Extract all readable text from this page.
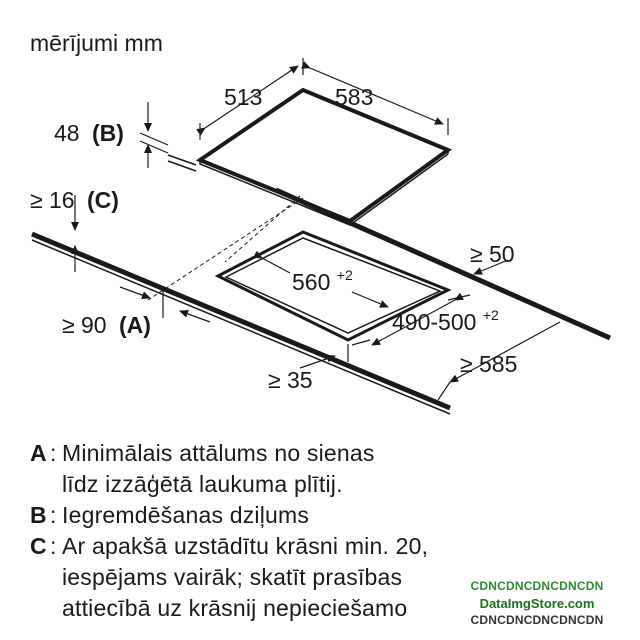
mērījumi mm
513	583
48 (B)
≥ 16 (C)
≥ 50
560 $^{+2}$
490-500 $^{+2}$
≥ 90 (A)
≥ 585
≥ 35
A : Minimālais attālums no sienas
līdz izzāģētā laukuma plītij.
B : Iegremdēšanas dziļums
C : Ar apakšā uzstādītu krāsni min. 20,
iespējams vairāk; skatīt prasības
attiecībā uz krāsnij nepieciešamo
CDNCDNCDNCDNCDN
DataImgStore.com
CDNCDNCDNCDNCDN
